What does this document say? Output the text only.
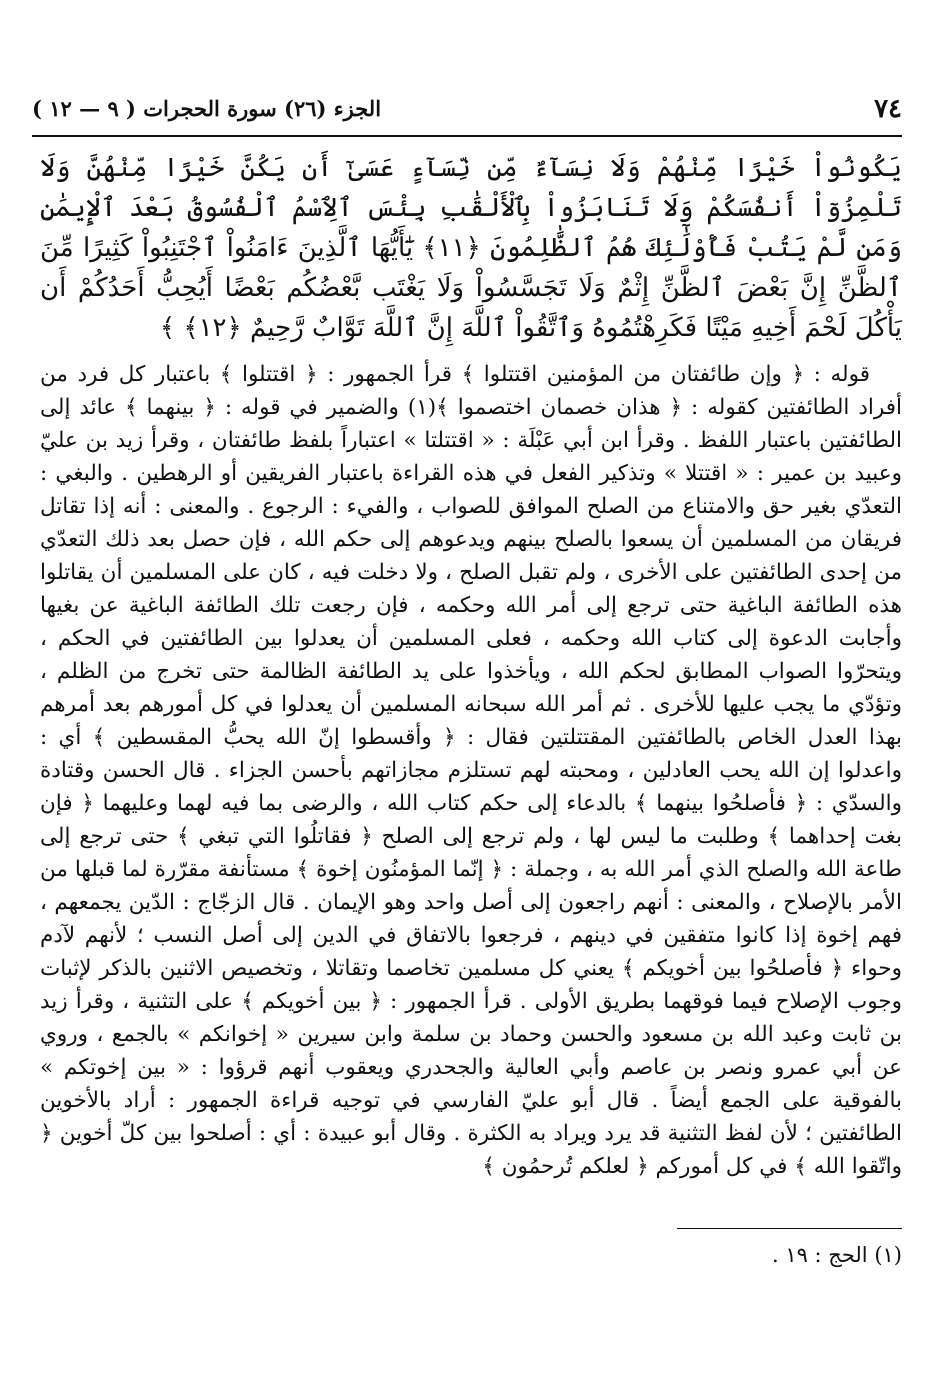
٧٤
الجزء (٢٦) سورة الحجرات ( ٩ — ١٢ )
يَكُونُواْ خَيْرًا مِّنْهُمْ وَلَا نِسَآءٌ مِّن نِّسَآءٍ عَسَىٰٓ أَن يَكُنَّ خَيْرًا مِّنْهُنَّ وَلَا تَلْمِزُوٓاْ أَنفُسَكُمْ وَلَا تَنَابَزُواْ بِٱلْأَلْقَٰبِ بِئْسَ ٱلِٱسْمُ ٱلْفُسُوقُ بَعْدَ ٱلْإِيمَٰنِ وَمَن لَّمْ يَتُبْ فَأُوْلَٰٓئِكَ هُمُ ٱلظَّٰلِمُونَ ﴿١١﴾ يَٰٓأَيُّهَا ٱلَّذِينَ ءَامَنُواْ ٱجْتَنِبُواْ كَثِيرًا مِّنَ ٱلظَّنِّ إِنَّ بَعْضَ ٱلظَّنِّ إِثْمٌ وَلَا تَجَسَّسُواْ وَلَا يَغْتَب بَّعْضُكُم بَعْضًا أَيُحِبُّ أَحَدُكُمْ أَن يَأْكُلَ لَحْمَ أَخِيهِ مَيْتًا فَكَرِهْتُمُوهُ وَٱتَّقُواْ ٱللَّهَ إِنَّ ٱللَّهَ تَوَّابٌ رَّحِيمٌ ﴿١٢﴾ ﴾

قوله : ﴿ وإن طائفتان من المؤمنين اقتتلوا ﴾ قرأ الجمهور : ﴿ اقتتلوا ﴾ باعتبار كل فرد من أفراد الطائفتين كقوله : ﴿ هذان خصمان اختصموا ﴾(١) والضمير في قوله : ﴿ بينهما ﴾ عائد إلى الطائفتين باعتبار اللفظ . وقرأ ابن أبي عَبْلَة : « اقتتلتا » اعتباراً بلفظ طائفتان ، وقرأ زيد بن عليّ وعبيد بن عمير : « اقتتلا » وتذكير الفعل في هذه القراءة باعتبار الفريقين أو الرهطين . والبغي : التعدّي بغير حق والامتناع من الصلح الموافق للصواب ، والفيء : الرجوع . والمعنى : أنه إذا تقاتل فريقان من المسلمين أن يسعوا بالصلح بينهم ويدعوهم إلى حكم الله ، فإن حصل بعد ذلك التعدّي من إحدى الطائفتين على الأخرى ، ولم تقبل الصلح ، ولا دخلت فيه ، كان على المسلمين أن يقاتلوا هذه الطائفة الباغية حتى ترجع إلى أمر الله وحكمه ، فإن رجعت تلك الطائفة الباغية عن بغيها وأجابت الدعوة إلى كتاب الله وحكمه ، فعلى المسلمين أن يعدلوا بين الطائفتين في الحكم ، ويتحرّوا الصواب المطابق لحكم الله ، ويأخذوا على يد الطائفة الظالمة حتى تخرج من الظلم ، وتؤدّي ما يجب عليها للأخرى . ثم أمر الله سبحانه المسلمين أن يعدلوا في كل أمورهم بعد أمرهم بهذا العدل الخاص بالطائفتين المقتتلتين فقال : ﴿ وأقسطوا إنّ الله يحبُّ المقسطين ﴾ أي : واعدلوا إن الله يحب العادلين ، ومحبته لهم تستلزم مجازاتهم بأحسن الجزاء . قال الحسن وقتادة والسدّي : ﴿ فأصلحُوا بينهما ﴾ بالدعاء إلى حكم كتاب الله ، والرضى بما فيه لهما وعليهما ﴿ فإن بغت إحداهما ﴾ وطلبت ما ليس لها ، ولم ترجع إلى الصلح ﴿ فقاتلُوا التي تبغي ﴾ حتى ترجع إلى طاعة الله والصلح الذي أمر الله به ، وجملة : ﴿ إنّما المؤمنُون إخوة ﴾ مستأنفة مقرّرة لما قبلها من الأمر بالإصلاح ، والمعنى : أنهم راجعون إلى أصل واحد وهو الإيمان . قال الزجّاج : الدّين يجمعهم ، فهم إخوة إذا كانوا متفقين في دينهم ، فرجعوا بالاتفاق في الدين إلى أصل النسب ؛ لأنهم لآدم وحواء ﴿ فأصلحُوا بين أخويكم ﴾ يعني كل مسلمين تخاصما وتقاتلا ، وتخصيص الاثنين بالذكر لإثبات وجوب الإصلاح فيما فوقهما بطريق الأولى . قرأ الجمهور : ﴿ بين أخويكم ﴾ على التثنية ، وقرأ زيد بن ثابت وعبد الله بن مسعود والحسن وحماد بن سلمة وابن سيرين « إخوانكم » بالجمع ، وروي عن أبي عمرو ونصر بن عاصم وأبي العالية والجحدري ويعقوب أنهم قرؤوا : « بين إخوتكم » بالفوقية على الجمع أيضاً . قال أبو عليّ الفارسي في توجيه قراءة الجمهور : أراد بالأخوين الطائفتين ؛ لأن لفظ التثنية قد يرد ويراد به الكثرة . وقال أبو عبيدة : أي : أصلحوا بين كلّ أخوين ﴿ واتّقوا الله ﴾ في كل أموركم ﴿ لعلكم تُرحمُون ﴾

(١) الحج : ١٩ .
